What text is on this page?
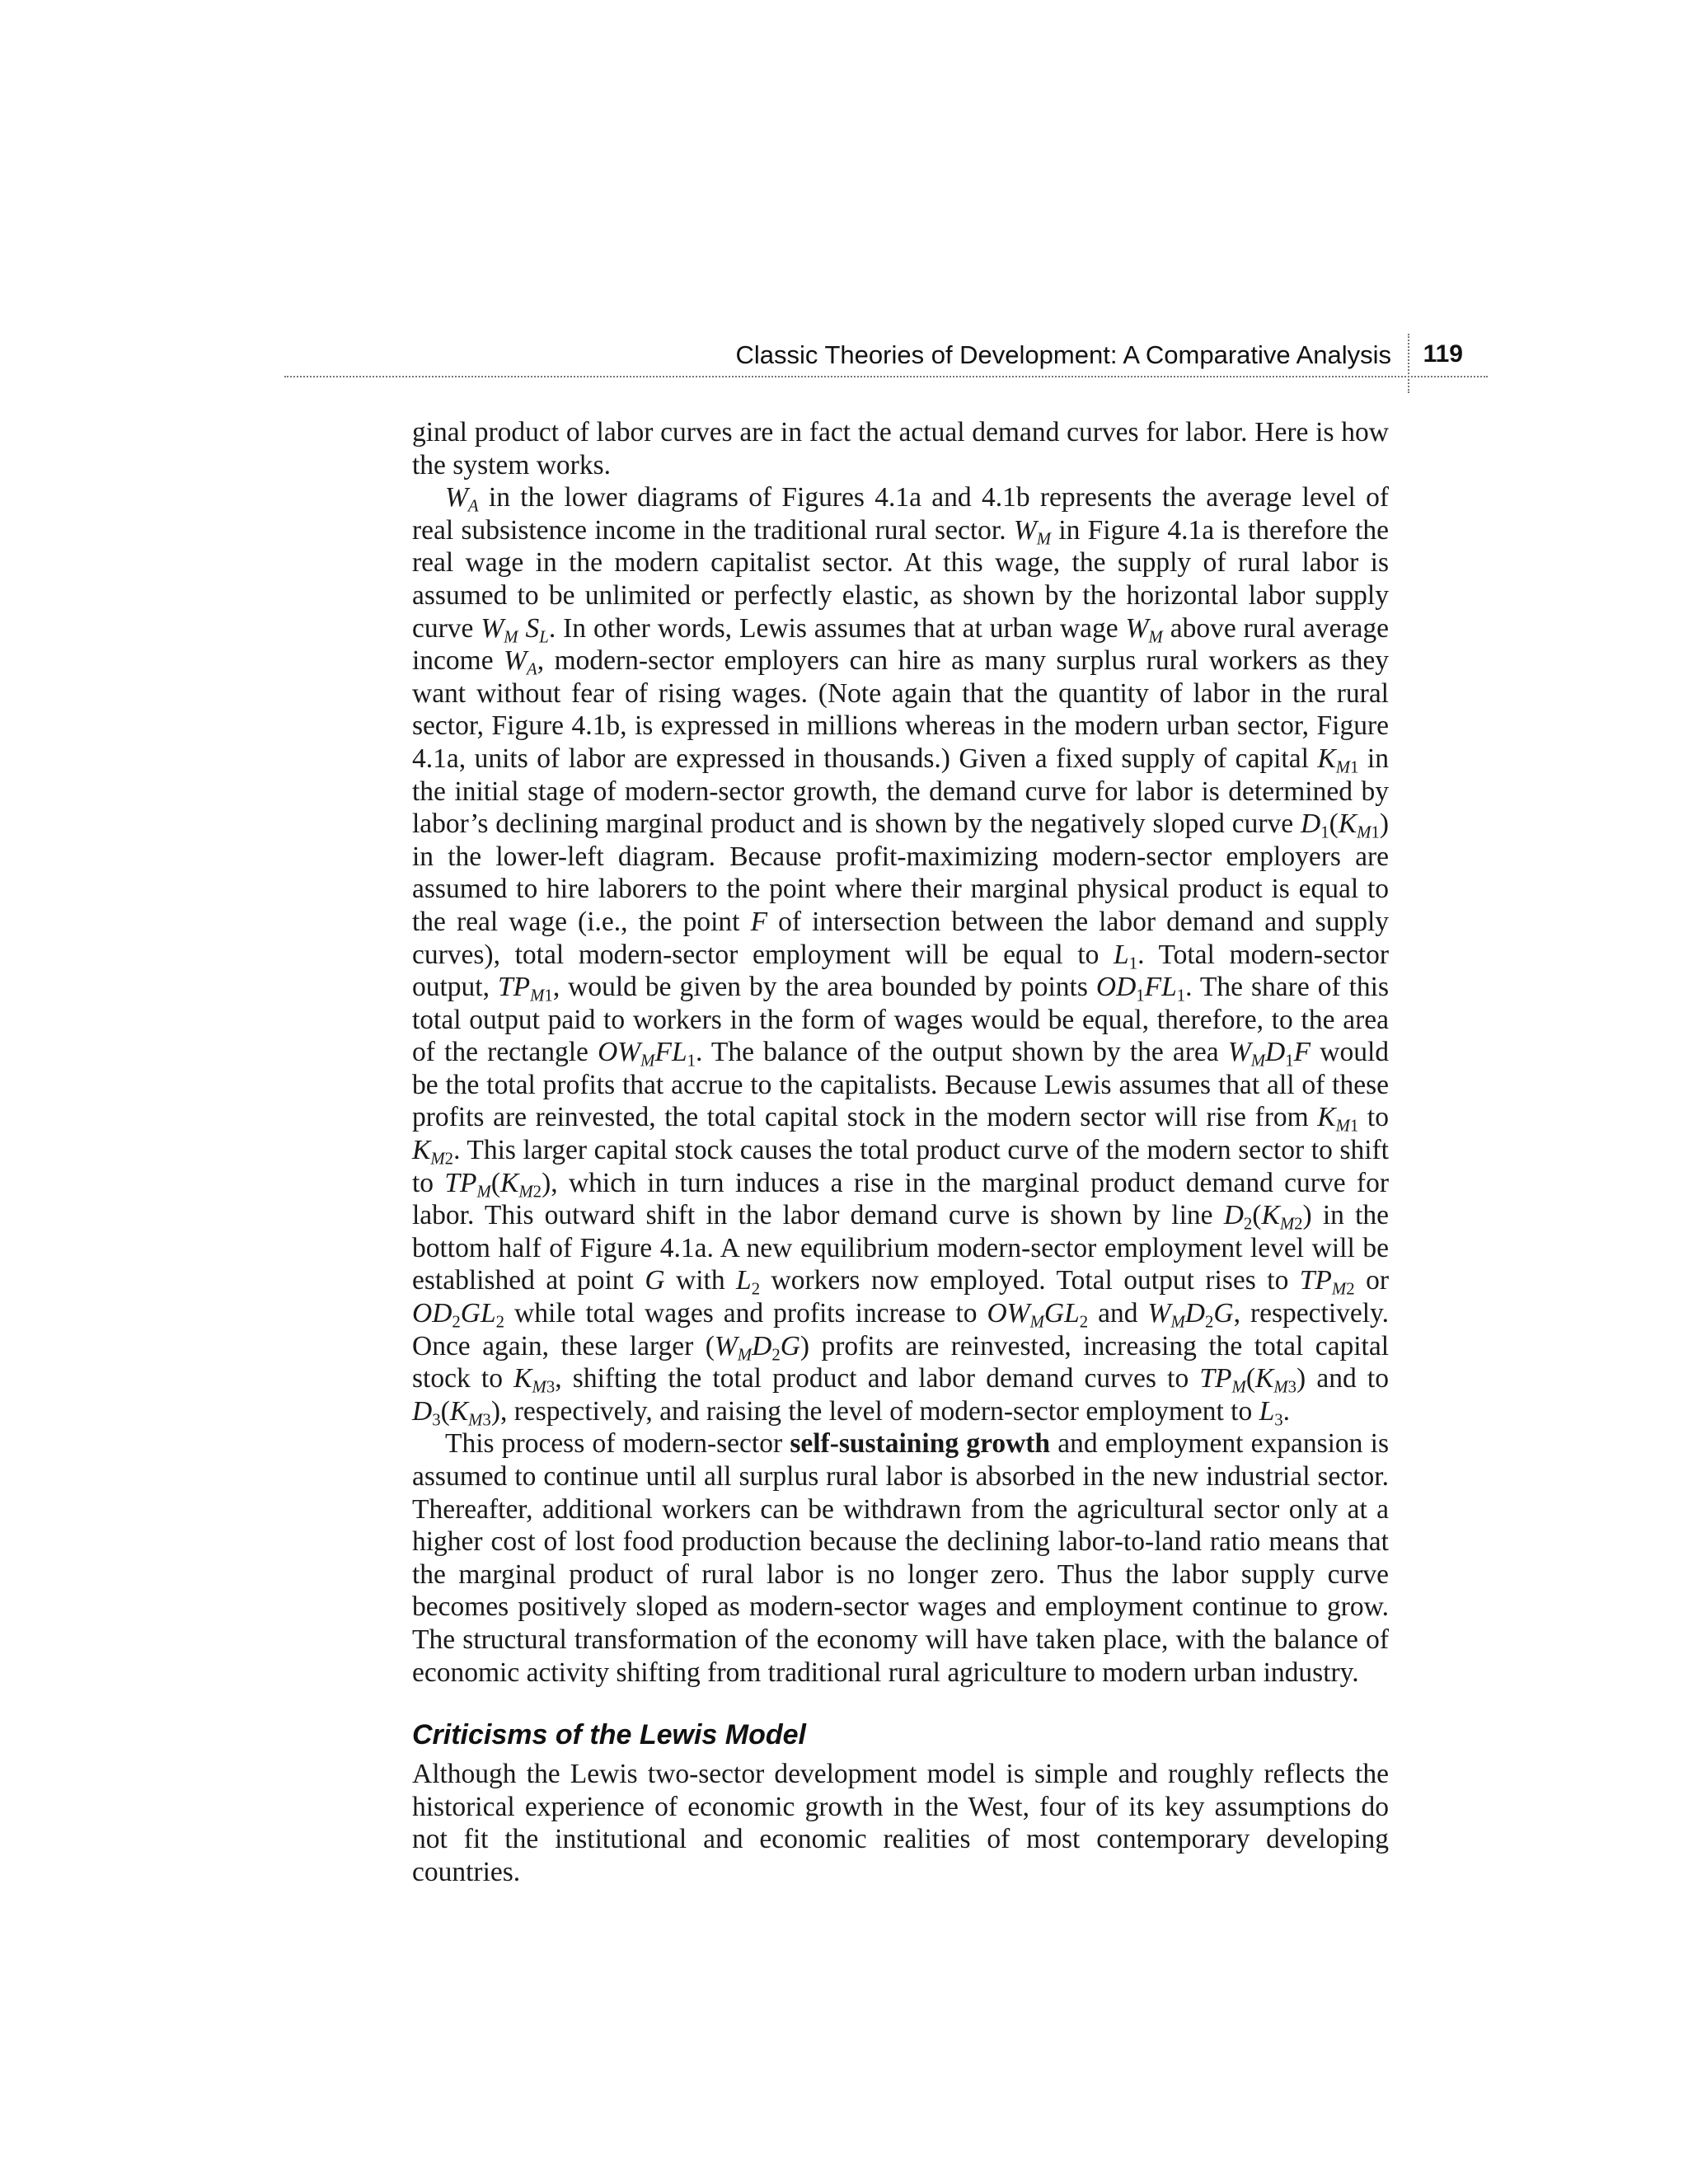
Classic Theories of Development: A Comparative Analysis 119

ginal product of labor curves are in fact the actual demand curves for labor. Here is how the system works.

$W_A$ in the lower diagrams of Figures 4.1a and 4.1b represents the average level of real subsistence income in the traditional rural sector. $W_M$ in Figure 4.1a is therefore the real wage in the modern capitalist sector. At this wage, the supply of rural labor is assumed to be unlimited or perfectly elastic, as shown by the horizontal labor supply curve $W_M$ $S_L$. In other words, Lewis assumes that at urban wage $W_M$ above rural average income $W_A$, modern-sector employers can hire as many surplus rural workers as they want without fear of rising wages. (Note again that the quantity of labor in the rural sector, Figure 4.1b, is expressed in millions whereas in the modern urban sector, Figure 4.1a, units of labor are expressed in thousands.) Given a fixed supply of capital $K_{M1}$ in the initial stage of modern-sector growth, the demand curve for labor is determined by labor’s declining marginal product and is shown by the negatively sloped curve $D_1(K_{M1})$ in the lower-left diagram. Because profit-maximizing modern-sector employers are assumed to hire laborers to the point where their marginal physical product is equal to the real wage (i.e., the point F of intersection between the labor demand and supply curves), total modern-sector employment will be equal to $L_1$. Total modern-sector output, $TP_{M1}$, would be given by the area bounded by points $OD_1FL_1$. The share of this total output paid to workers in the form of wages would be equal, therefore, to the area of the rectangle $OW_MFL_1$. The balance of the output shown by the area $W_MD_1F$ would be the total profits that accrue to the capitalists. Because Lewis assumes that all of these profits are reinvested, the total capital stock in the modern sector will rise from $K_{M1}$ to $K_{M2}$. This larger capital stock causes the total product curve of the modern sector to shift to $TP_M(K_{M2})$, which in turn induces a rise in the marginal product demand curve for labor. This outward shift in the labor demand curve is shown by line $D_2(K_{M2})$ in the bottom half of Figure 4.1a. A new equilibrium modern-sector employment level will be established at point G with $L_2$ workers now employed. Total output rises to $TP_{M2}$ or $OD_2GL_2$ while total wages and profits increase to $OW_MGL_2$ and $W_MD_2G$, respectively. Once again, these larger $(W_MD_2G)$ profits are reinvested, increasing the total capital stock to $K_{M3}$, shifting the total product and labor demand curves to $TP_M(K_{M3})$ and to $D_3(K_{M3})$, respectively, and raising the level of modern-sector employment to $L_3$.

This process of modern-sector self-sustaining growth and employment expansion is assumed to continue until all surplus rural labor is absorbed in the new industrial sector. Thereafter, additional workers can be withdrawn from the agricultural sector only at a higher cost of lost food production because the declining labor-to-land ratio means that the marginal product of rural labor is no longer zero. Thus the labor supply curve becomes positively sloped as modern-sector wages and employment continue to grow. The structural transformation of the economy will have taken place, with the balance of economic activity shifting from traditional rural agriculture to modern urban industry.

Criticisms of the Lewis Model

Although the Lewis two-sector development model is simple and roughly reflects the historical experience of economic growth in the West, four of its key assumptions do not fit the institutional and economic realities of most contemporary developing countries.
